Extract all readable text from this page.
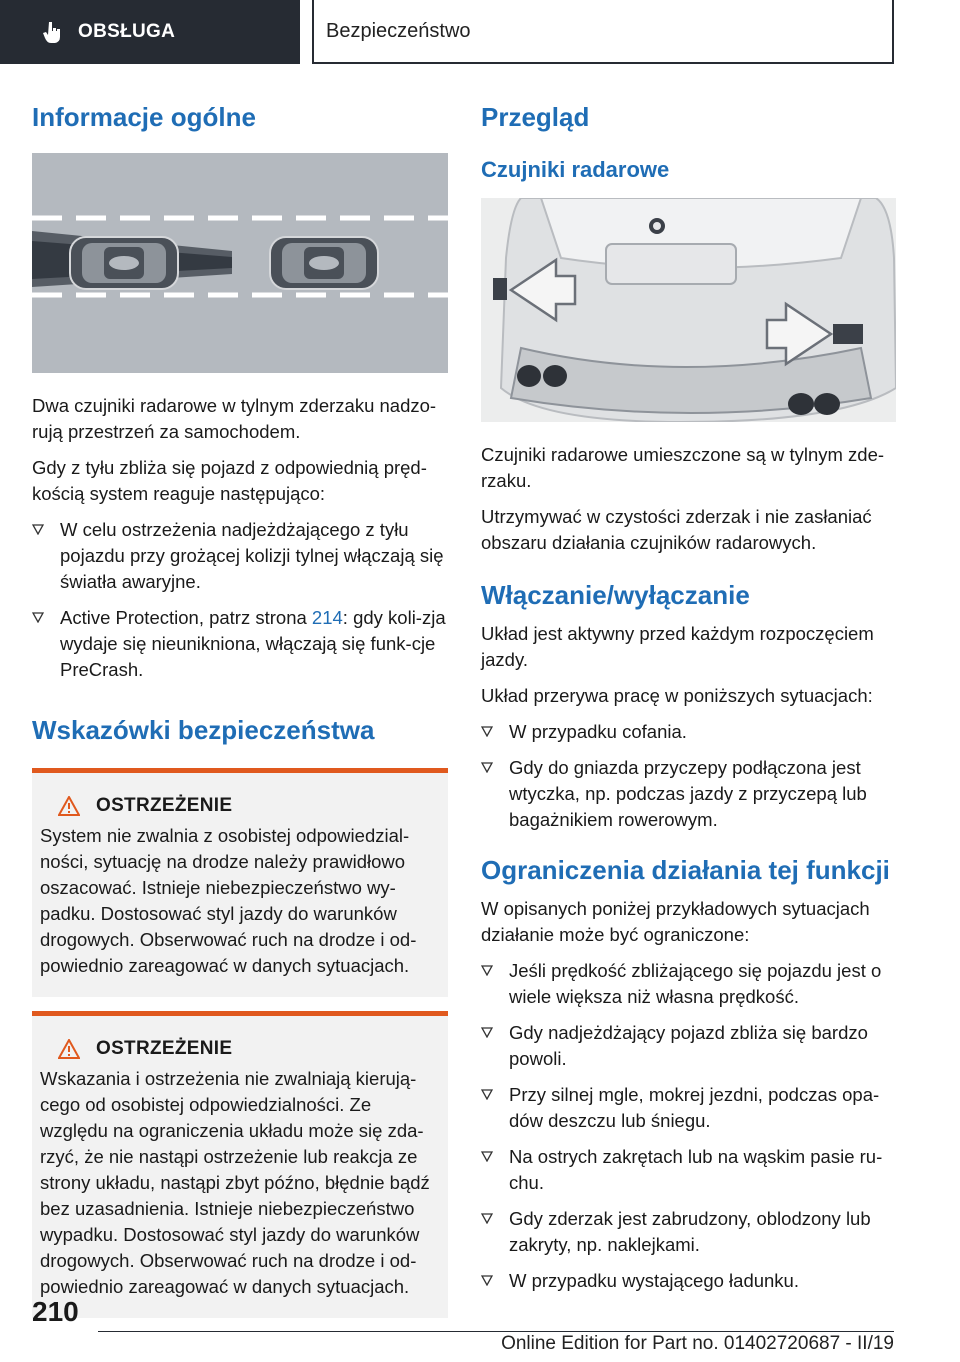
OBSŁUGA	Bezpieczeństwo
Informacje ogólne

Dwa czujniki radarowe w tylnym zderzaku nadzo-rują przestrzeń za samochodem.

Gdy z tyłu zbliża się pojazd z odpowiednią pręd-kością system reaguje następująco:

W celu ostrzeżenia nadjeżdżającego z tyłu pojazdu przy grożącej kolizji tylnej włączają się światła awaryjne.
Active Protection, patrz strona 214: gdy koli-zja wydaje się nieunikniona, włączają się funk-cje PreCrash.
Wskazówki bezpieczeństwa
OSTRZEŻENIE

System nie zwalnia z osobistej odpowiedzial-ności, sytuację na drodze należy prawidłowo oszacować. Istnieje niebezpieczeństwo wy-padku. Dostosować styl jazdy do warunków drogowych. Obserwować ruch na drodze i od-powiednio zareagować w danych sytuacjach.

OSTRZEŻENIE

Wskazania i ostrzeżenia nie zwalniają kierują-cego od osobistej odpowiedzialności. Ze względu na ograniczenia układu może się zda-rzyć, że nie nastąpi ostrzeżenie lub reakcja ze strony układu, nastąpi zbyt późno, błędnie bądź bez uzasadnienia. Istnieje niebezpieczeństwo wypadku. Dostosować styl jazdy do warunków drogowych. Obserwować ruch na drodze i od-powiednio zareagować w danych sytuacjach.

Przegląd
Czujniki radarowe

Czujniki radarowe umieszczone są w tylnym zde-rzaku.

Utrzymywać w czystości zderzak i nie zasłaniać obszaru działania czujników radarowych.

Włączanie/wyłączanie

Układ jest aktywny przed każdym rozpoczęciem jazdy.

Układ przerywa pracę w poniższych sytuacjach:

W przypadku cofania.
Gdy do gniazda przyczepy podłączona jest wtyczka, np. podczas jazdy z przyczepą lub bagażnikiem rowerowym.
Ograniczenia działania tej funkcji

W opisanych poniżej przykładowych sytuacjach działanie może być ograniczone:

Jeśli prędkość zbliżającego się pojazdu jest o wiele większa niż własna prędkość.
Gdy nadjeżdżający pojazd zbliża się bardzo powoli.
Przy silnej mgle, mokrej jezdni, podczas opa-dów deszczu lub śniegu.
Na ostrych zakrętach lub na wąskim pasie ru-chu.
Gdy zderzak jest zabrudzony, oblodzony lub zakryty, np. naklejkami.
W przypadku wystającego ładunku.
210
Online Edition for Part no. 01402720687 - II/19
